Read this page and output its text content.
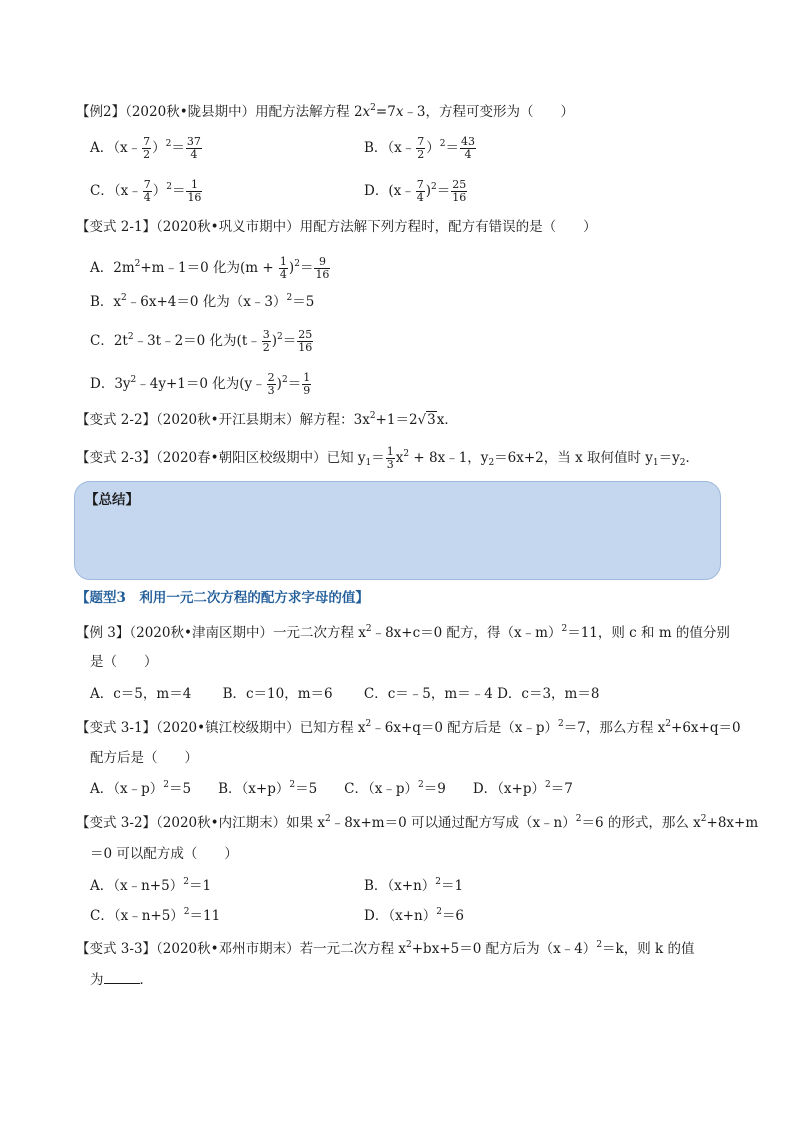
【例2】（2020秋•陇县期中）用配方法解方程 $2x^2=7x﹣3$，方程可变形为（　　）
A．（x﹣ $\frac{7}{2} )^2= \frac{37}{4}$	B．（x﹣ $\frac{7}{2} )^2= \frac{43}{4}$
C．（x﹣ $\frac{7}{4} )^2= \frac{1}{16}$	D．(x﹣ $\frac{7}{4} )^2= \frac{25}{16}$
【变式 2-1】（2020秋•巩义市期中）用配方法解下列方程时，配方有错误的是（　　）
A．$2m^2+m﹣1=0$ 化为$(m + \frac{1}{4} )^2= \frac{9}{16}$
B．$x^2﹣6x+4=0$ 化为（x﹣3）$^2$＝5
C．$2t^2﹣3t﹣2=0$ 化为(t﹣ $\frac{3}{2} )^2= \frac{25}{16}$
D．$3y^2﹣4y+1=0$ 化为(y﹣ $\frac{2}{3} )^2= \frac{1}{9}$
【变式 2-2】（2020秋•开江县期末）解方程：$3x^2+1=2√3x$．
【变式 2-3】（2020春•朝阳区校级期中）已知 $y_1= \frac{1}{3} x^2$ + 8x﹣1，$y_2=6x+2$，当 x 取何值时 $y_1=y_2$．
【总结】
【题型3　利用一元二次方程的配方求字母的值】
【例 3】（2020秋•津南区期中）一元二次方程 $x^2﹣8x+c=0$ 配方，得（x﹣m）$^2$＝11，则 c 和 m 的值分别
是（　　）
A．c＝5，m＝4　　 B．c＝10，m＝6　　 C．c＝﹣5，m＝﹣4 D．c＝3，m＝8
【变式 3-1】（2020•镇江校级期中）已知方程 $x^2﹣6x+q=0$ 配方后是（x﹣p）$^2$＝7，那么方程 $x^2+6x+q=0$
配方后是（　　）
A．（x﹣p）$^2$＝5　　 B．$(x+p)^2=5$　　 C．（x﹣p）$^2$＝9　　 D．$(x+p)^2=7$
【变式 3-2】（2020秋•内江期末）如果 $x^2﹣8x+m=0$ 可以通过配方写成（x﹣n）$^2$＝6 的形式，那么 $x^2+8x+m$
＝0 可以配方成（　　）
A．（x﹣n+5）$^2$＝1	B．$(x+n)^2=1$
C．（x﹣n+5）$^2$＝11	D．$(x+n)^2=6$
【变式 3-3】（2020秋•邓州市期末）若一元二次方程 $x^2+bx+5=0$ 配方后为（x﹣4）$^2$＝k，则 k 的值
为	．
